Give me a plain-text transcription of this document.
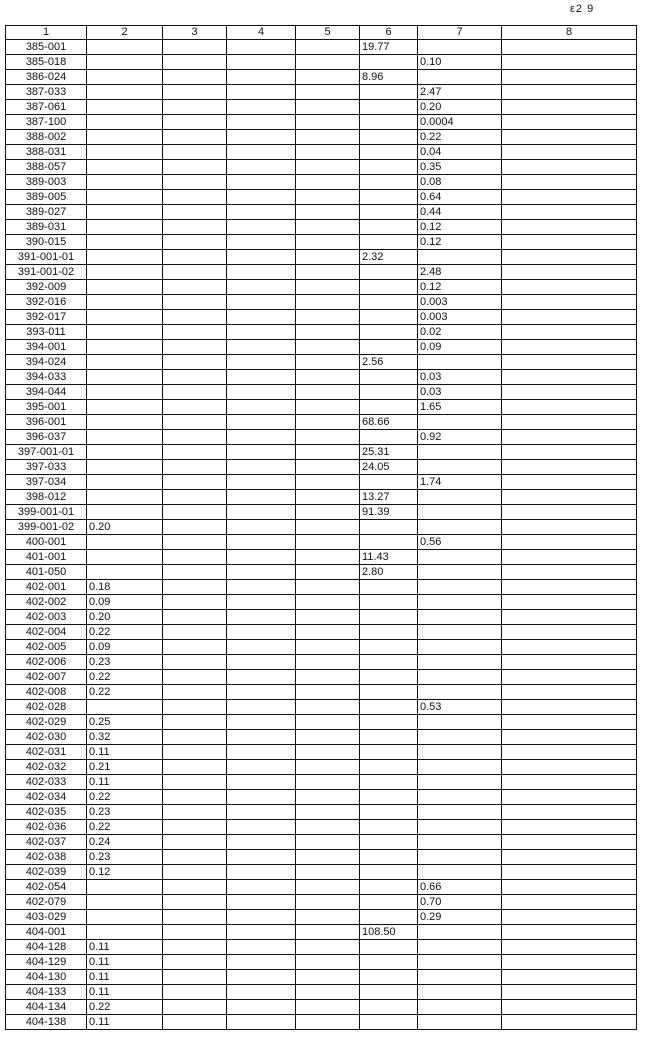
ε2 9
1	2	3	4	5	6	7	8
385-001					19.77		
385-018						0.10	
386-024					8.96		
387-033						2.47	
387-061						0.20	
387-100						0.0004	
388-002						0.22	
388-031						0.04	
388-057						0.35	
389-003						0.08	
389-005						0.64	
389-027						0.44	
389-031						0.12	
390-015						0.12	
391-001-01					2.32		
391-001-02						2.48	
392-009						0.12	
392-016						0.003	
392-017						0.003	
393-011						0.02	
394-001						0.09	
394-024					2.56		
394-033						0.03	
394-044						0.03	
395-001						1.65	
396-001					68.66		
396-037						0.92	
397-001-01					25.31		
397-033					24.05		
397-034						1.74	
398-012					13.27		
399-001-01					91.39		
399-001-02	0.20						
400-001						0.56	
401-001					11.43		
401-050					2.80		
402-001	0.18						
402-002	0.09						
402-003	0.20						
402-004	0.22						
402-005	0.09						
402-006	0.23						
402-007	0.22						
402-008	0.22						
402-028						0.53	
402-029	0.25						
402-030	0.32						
402-031	0.11						
402-032	0.21						
402-033	0.11						
402-034	0.22						
402-035	0.23						
402-036	0.22						
402-037	0.24						
402-038	0.23						
402-039	0.12						
402-054						0.66	
402-079						0.70	
403-029						0.29	
404-001					108.50		
404-128	0.11						
404-129	0.11						
404-130	0.11						
404-133	0.11						
404-134	0.22						
404-138	0.11						
